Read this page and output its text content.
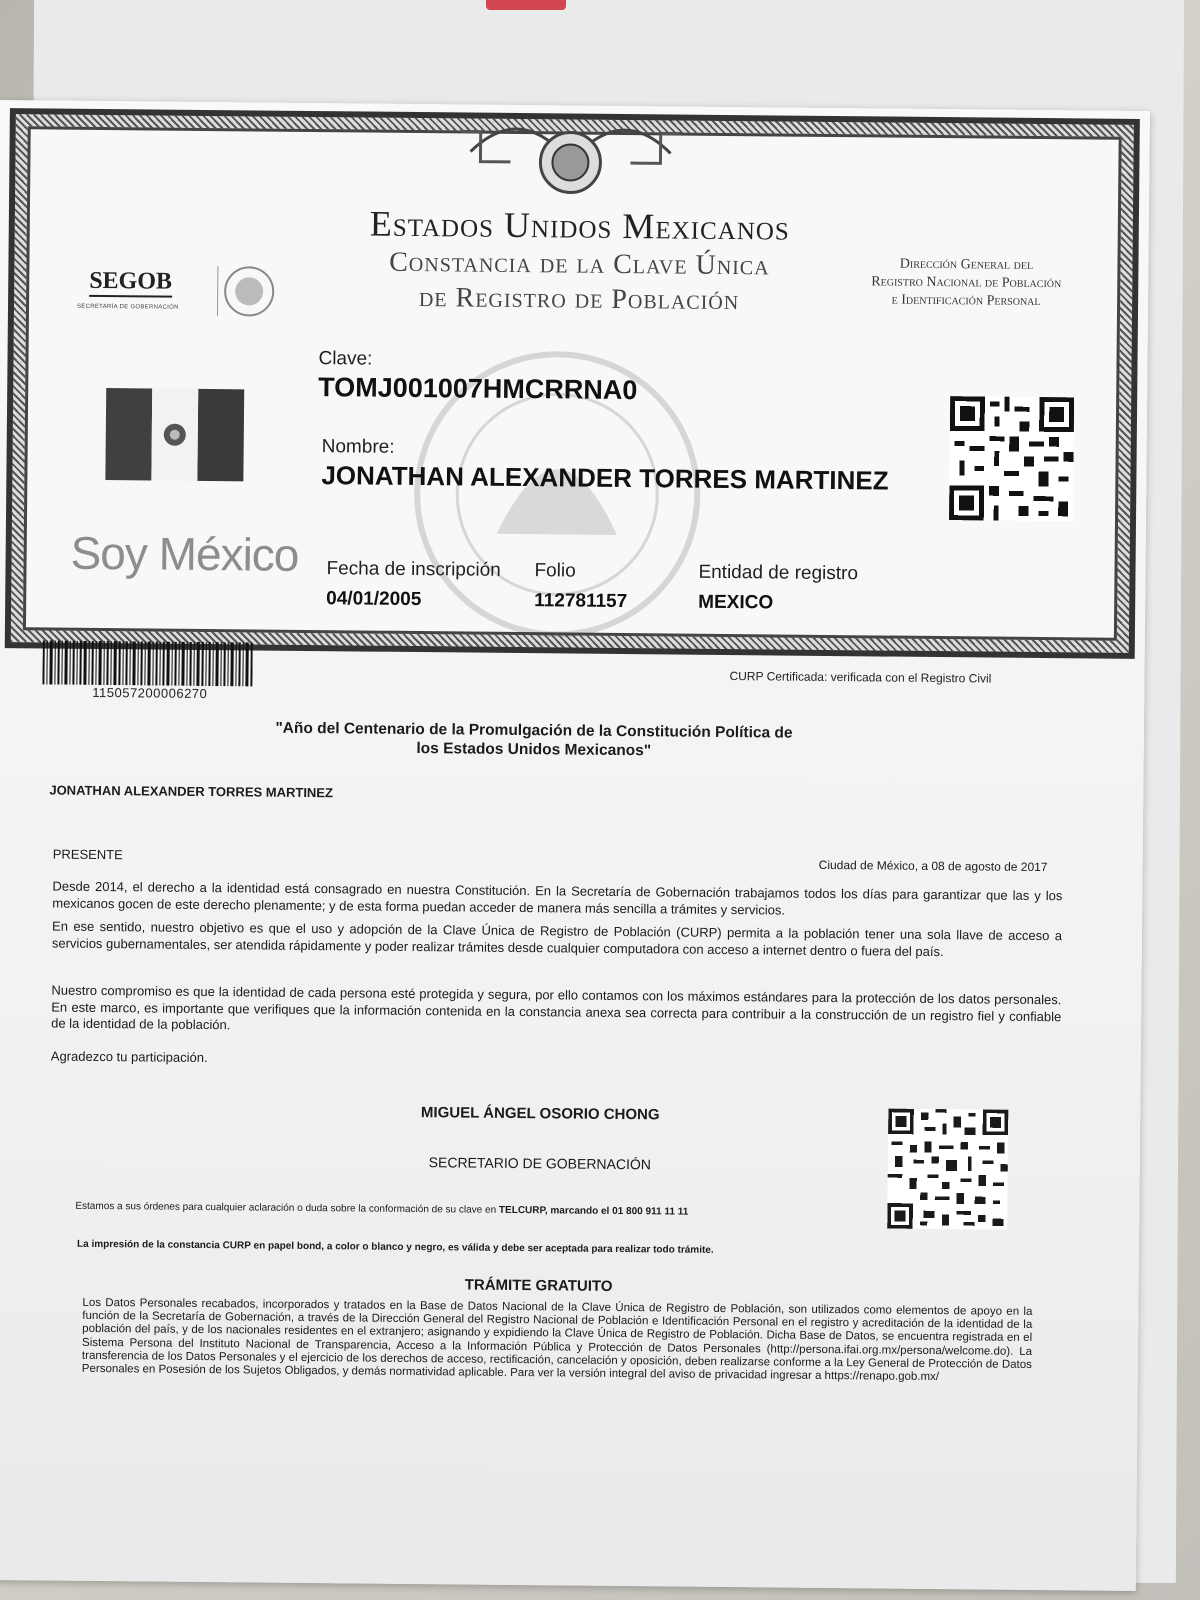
SEGOB
SECRETARÍA DE GOBERNACIÓN
Estados Unidos Mexicanos
Constancia de la Clave Única
de Registro de Población
Dirección General del
Registro Nacional de Población
e Identificación Personal
Soy México
Clave:
TOMJ001007HMCRRNA0
Nombre:
JONATHAN ALEXANDER TORRES MARTINEZ
Fecha de inscripción
04/01/2005
Folio
112781157
Entidad de registro
MEXICO
115057200006270
CURP Certificada: verificada con el Registro Civil
"Año del Centenario de la Promulgación de la Constitución Política de
los Estados Unidos Mexicanos"
JONATHAN ALEXANDER TORRES MARTINEZ
PRESENTE
Ciudad de México, a 08 de agosto de 2017
Desde 2014, el derecho a la identidad está consagrado en nuestra Constitución. En la Secretaría de Gobernación trabajamos todos los días para garantizar que las y los mexicanos gocen de este derecho plenamente; y de esta forma puedan acceder de manera más sencilla a trámites y servicios.
En ese sentido, nuestro objetivo es que el uso y adopción de la Clave Única de Registro de Población (CURP) permita a la población tener una sola llave de acceso a servicios gubernamentales, ser atendida rápidamente y poder realizar trámites desde cualquier computadora con acceso a internet dentro o fuera del país.
Nuestro compromiso es que la identidad de cada persona esté protegida y segura, por ello contamos con los máximos estándares para la protección de los datos personales. En este marco, es importante que verifiques que la información contenida en la constancia anexa sea correcta para contribuir a la construcción de un registro fiel y confiable de la identidad de la población.
Agradezco tu participación.
MIGUEL ÁNGEL OSORIO CHONG
SECRETARIO DE GOBERNACIÓN
Estamos a sus órdenes para cualquier aclaración o duda sobre la conformación de su clave en TELCURP, marcando el 01 800 911 11 11
La impresión de la constancia CURP en papel bond, a color o blanco y negro, es válida y debe ser aceptada para realizar todo trámite.
TRÁMITE GRATUITO
Los Datos Personales recabados, incorporados y tratados en la Base de Datos Nacional de la Clave Única de Registro de Población, son utilizados como elementos de apoyo en la función de la Secretaría de Gobernación, a través de la Dirección General del Registro Nacional de Población e Identificación Personal en el registro y acreditación de la identidad de la población del país, y de los nacionales residentes en el extranjero; asignando y expidiendo la Clave Única de Registro de Población. Dicha Base de Datos, se encuentra registrada en el Sistema Persona del Instituto Nacional de Transparencia, Acceso a la Información Pública y Protección de Datos Personales (http://persona.ifai.org.mx/persona/welcome.do). La transferencia de los Datos Personales y el ejercicio de los derechos de acceso, rectificación, cancelación y oposición, deben realizarse conforme a la Ley General de Protección de Datos Personales en Posesión de los Sujetos Obligados, y demás normatividad aplicable. Para ver la versión integral del aviso de privacidad ingresar a https://renapo.gob.mx/
